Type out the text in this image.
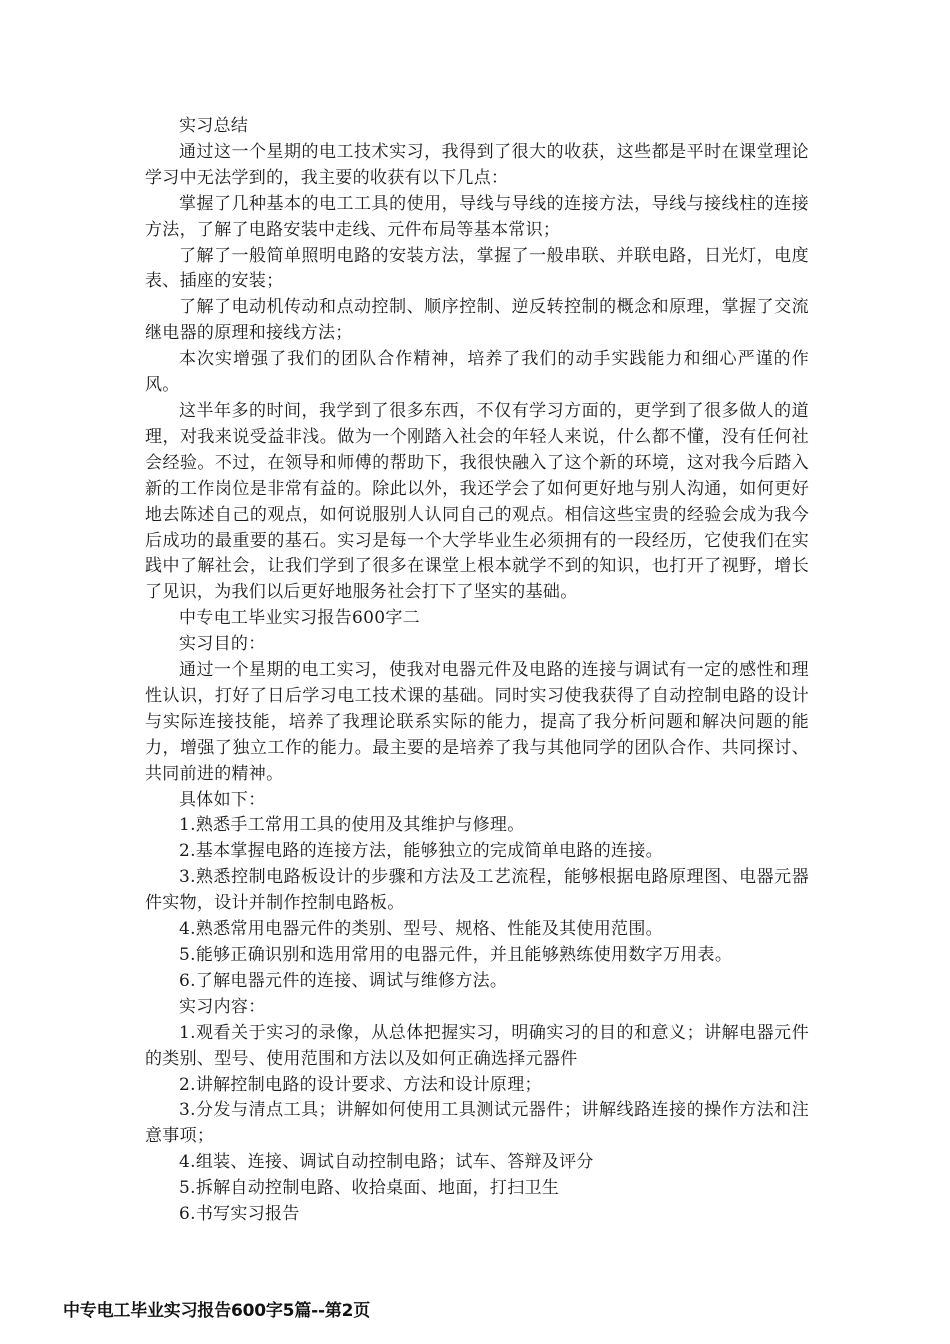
实习总结

通过这一个星期的电工技术实习，我得到了很大的收获，这些都是平时在课堂理论学习中无法学到的，我主要的收获有以下几点：

掌握了几种基本的电工工具的使用，导线与导线的连接方法，导线与接线柱的连接方法，了解了电路安装中走线、元件布局等基本常识；

了解了一般简单照明电路的安装方法，掌握了一般串联、并联电路，日光灯，电度表、插座的安装；

了解了电动机传动和点动控制、顺序控制、逆反转控制的概念和原理，掌握了交流继电器的原理和接线方法；

本次实增强了我们的团队合作精神，培养了我们的动手实践能力和细心严谨的作风。

这半年多的时间，我学到了很多东西，不仅有学习方面的，更学到了很多做人的道理，对我来说受益非浅。做为一个刚踏入社会的年轻人来说，什么都不懂，没有任何社会经验。不过，在领导和师傅的帮助下，我很快融入了这个新的环境，这对我今后踏入新的工作岗位是非常有益的。除此以外，我还学会了如何更好地与别人沟通，如何更好地去陈述自己的观点，如何说服别人认同自己的观点。相信这些宝贵的经验会成为我今后成功的最重要的基石。实习是每一个大学毕业生必须拥有的一段经历，它使我们在实践中了解社会，让我们学到了很多在课堂上根本就学不到的知识，也打开了视野，增长了见识，为我们以后更好地服务社会打下了坚实的基础。

中专电工毕业实习报告600字二

实习目的：

通过一个星期的电工实习，使我对电器元件及电路的连接与调试有一定的感性和理性认识，打好了日后学习电工技术课的基础。同时实习使我获得了自动控制电路的设计与实际连接技能，培养了我理论联系实际的能力，提高了我分析问题和解决问题的能力，增强了独立工作的能力。最主要的是培养了我与其他同学的团队合作、共同探讨、共同前进的精神。

具体如下：

1.熟悉手工常用工具的使用及其维护与修理。

2.基本掌握电路的连接方法，能够独立的完成简单电路的连接。

3.熟悉控制电路板设计的步骤和方法及工艺流程，能够根据电路原理图、电器元器件实物，设计并制作控制电路板。

4.熟悉常用电器元件的类别、型号、规格、性能及其使用范围。

5.能够正确识别和选用常用的电器元件，并且能够熟练使用数字万用表。

6.了解电器元件的连接、调试与维修方法。

实习内容：

1.观看关于实习的录像，从总体把握实习，明确实习的目的和意义；讲解电器元件的类别、型号、使用范围和方法以及如何正确选择元器件

2.讲解控制电路的设计要求、方法和设计原理；

3.分发与清点工具；讲解如何使用工具测试元器件；讲解线路连接的操作方法和注意事项；

4.组装、连接、调试自动控制电路；试车、答辩及评分

5.拆解自动控制电路、收拾桌面、地面，打扫卫生

6.书写实习报告

中专电工毕业实习报告600字5篇--第2页
